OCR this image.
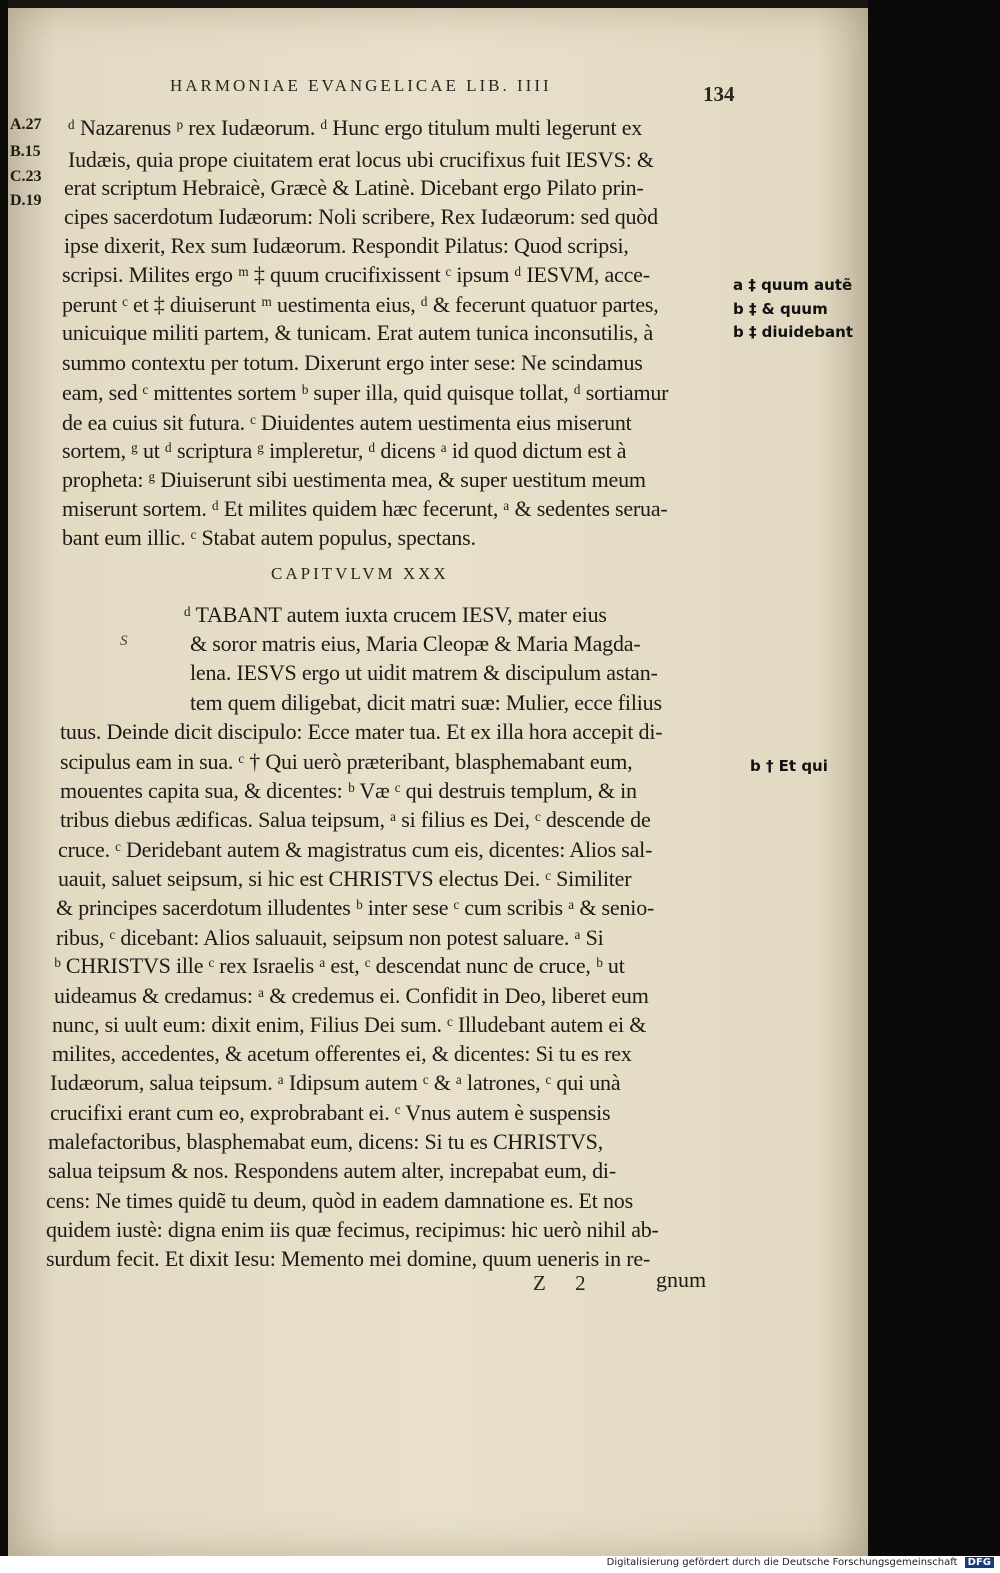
HARMONIAE EVANGELICAE LIB. IIII	134
A.27
B.15
C.23
D.19
a ‡ quum autẽ
b ‡ & quum
b ‡ diuidebant
b † Et qui
ᵈ Nazarenus ᵖ rex Iudæorum. ᵈ Hunc ergo titulum multi legerunt ex
Iudæis, quia prope ciuitatem erat locus ubi crucifixus fuit IESVS: &
erat scriptum Hebraicè, Græcè & Latinè. Dicebant ergo Pilato prin-
cipes sacerdotum Iudæorum: Noli scribere, Rex Iudæorum: sed quòd
ipse dixerit, Rex sum Iudæorum. Respondit Pilatus: Quod scripsi,
scripsi. Milites ergo ᵐ ‡ quum crucifixissent ᶜ ipsum ᵈ IESVM, acce-
perunt ᶜ et ‡ diuiserunt ᵐ uestimenta eius, ᵈ & fecerunt quatuor partes,
unicuique militi partem, & tunicam. Erat autem tunica inconsutilis, à
summo contextu per totum. Dixerunt ergo inter sese: Ne scindamus
eam, sed ᶜ mittentes sortem ᵇ super illa, quid quisque tollat, ᵈ sortiamur
de ea cuius sit futura. ᶜ Diuidentes autem uestimenta eius miserunt
sortem, ᵍ ut ᵈ scriptura ᵍ impleretur, ᵈ dicens ᵃ id quod dictum est à
propheta: ᵍ Diuiserunt sibi uestimenta mea, & super uestitum meum
miserunt sortem. ᵈ Et milites quidem hæc fecerunt, ᵃ & sedentes serua-
bant eum illic. ᶜ Stabat autem populus, spectans.
CAPITVLVM XXX
S
ᵈ TABANT autem iuxta crucem IESV, mater eius
& soror matris eius, Maria Cleopæ & Maria Magda-
lena. IESVS ergo ut uidit matrem & discipulum astan-
tem quem diligebat, dicit matri suæ: Mulier, ecce filius
tuus. Deinde dicit discipulo: Ecce mater tua. Et ex illa hora accepit di-
scipulus eam in sua. ᶜ † Qui uerò præteribant, blasphemabant eum,
mouentes capita sua, & dicentes: ᵇ Væ ᶜ qui destruis templum, & in
tribus diebus ædificas. Salua teipsum, ᵃ si filius es Dei, ᶜ descende de
cruce. ᶜ Deridebant autem & magistratus cum eis, dicentes: Alios sal-
uauit, saluet seipsum, si hic est CHRISTVS electus Dei. ᶜ Similiter
& principes sacerdotum illudentes ᵇ inter sese ᶜ cum scribis ᵃ & senio-
ribus, ᶜ dicebant: Alios saluauit, seipsum non potest saluare. ᵃ Si
ᵇ CHRISTVS ille ᶜ rex Israelis ᵃ est, ᶜ descendat nunc de cruce, ᵇ ut
uideamus & credamus: ᵃ & credemus ei. Confidit in Deo, liberet eum
nunc, si uult eum: dixit enim, Filius Dei sum. ᶜ Illudebant autem ei &
milites, accedentes, & acetum offerentes ei, & dicentes: Si tu es rex
Iudæorum, salua teipsum. ᵃ Idipsum autem ᶜ & ᵃ latrones, ᶜ qui unà
crucifixi erant cum eo, exprobrabant ei. ᶜ Vnus autem è suspensis
malefactoribus, blasphemabat eum, dicens: Si tu es CHRISTVS,
salua teipsum & nos. Respondens autem alter, increpabat eum, di-
cens: Ne times quidẽ tu deum, quòd in eadem damnatione es. Et nos
quidem iustè: digna enim iis quæ fecimus, recipimus: hic uerò nihil ab-
surdum fecit. Et dixit Iesu: Memento mei domine, quum ueneris in re-
Z 2	gnum
Digitalisierung gefördert durch die Deutsche Forschungsgemeinschaft DFG
